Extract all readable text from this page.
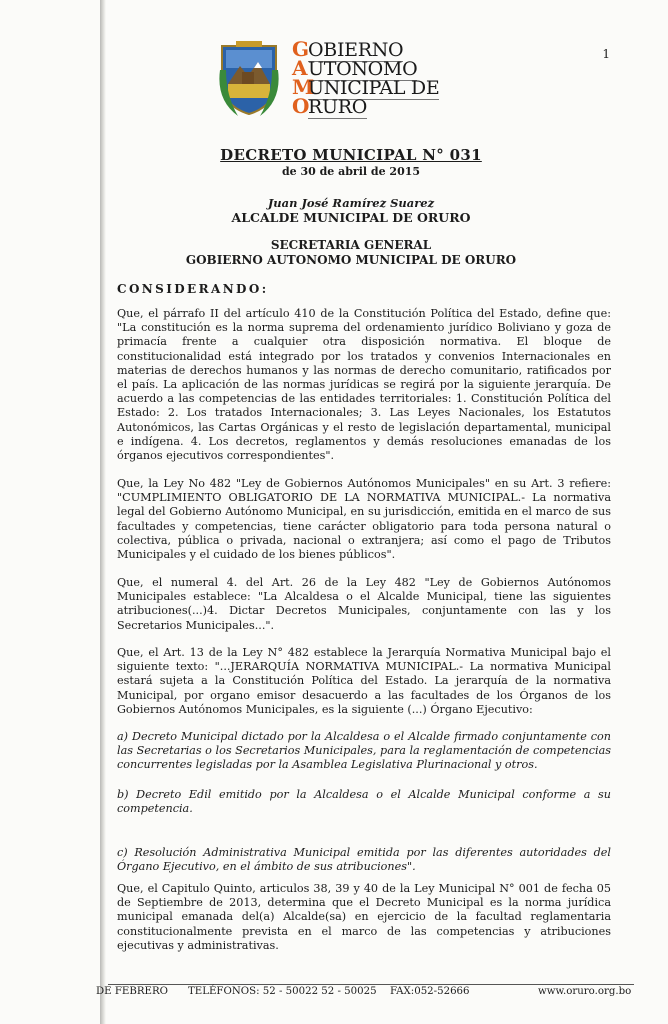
1
GOBIERNO
AUTONOMO
MUNICIPAL DE
ORURO
DECRETO MUNICIPAL N° 031
de 30 de abril de 2015
Juan José Ramírez Suarez
ALCALDE MUNICIPAL DE ORURO
SECRETARIA GENERAL
GOBIERNO AUTONOMO MUNICIPAL DE ORURO
CONSIDERANDO:
Que, el párrafo II del artículo 410 de la Constitución Política del Estado, define que: "La constitución es la norma suprema del ordenamiento jurídico Boliviano y goza de primacía frente a cualquier otra disposición normativa. El bloque de constitucionalidad está integrado por los tratados y convenios Internacionales en materias de derechos humanos y las normas de derecho comunitario, ratificados por el país. La aplicación de las normas jurídicas se regirá por la siguiente jerarquía. De acuerdo a las competencias de las entidades territoriales: 1. Constitución Política del Estado: 2. Los tratados Internacionales; 3. Las Leyes Nacionales, los Estatutos Autonómicos, las Cartas Orgánicas y el resto de legislación departamental, municipal e indígena. 4. Los decretos, reglamentos y demás resoluciones emanadas de los órganos ejecutivos correspondientes".
Que, la Ley No 482 "Ley de Gobiernos Autónomos Municipales" en su Art. 3 refiere: "CUMPLIMIENTO OBLIGATORIO DE LA NORMATIVA MUNICIPAL.- La normativa legal del Gobierno Autónomo Municipal, en su jurisdicción, emitida en el marco de sus facultades y competencias, tiene carácter obligatorio para toda persona natural o colectiva, pública o privada, nacional o extranjera; así como el pago de Tributos Municipales y el cuidado de los bienes públicos".
Que, el numeral 4. del Art. 26 de la Ley 482 "Ley de Gobiernos Autónomos Municipales establece: "La Alcaldesa o el Alcalde Municipal, tiene las siguientes atribuciones(...)4. Dictar Decretos Municipales, conjuntamente con las y los Secretarios Municipales...".
Que, el Art. 13 de la Ley N° 482 establece la Jerarquía Normativa Municipal bajo el siguiente texto: "...JERARQUÍA NORMATIVA MUNICIPAL.- La normativa Municipal estará sujeta a la Constitución Política del Estado. La jerarquía de la normativa Municipal, por organo emisor desacuerdo a las facultades de los Órganos de los Gobiernos Autónomos Municipales, es la siguiente (...) Órgano Ejecutivo:
a) Decreto Municipal dictado por la Alcaldesa o el Alcalde firmado conjuntamente con las Secretarias o los Secretarios Municipales, para la reglamentación de competencias concurrentes legisladas por la Asamblea Legislativa Plurinacional y otros.
b) Decreto Edil emitido por la Alcaldesa o el Alcalde Municipal conforme a su competencia.
c) Resolución Administrativa Municipal emitida por las diferentes autoridades del Órgano Ejecutivo, en el ámbito de sus atribuciones".
Que, el Capitulo Quinto, articulos 38, 39 y 40 de la Ley Municipal N° 001 de fecha 05 de Septiembre de 2013, determina que el Decreto Municipal es la norma jurídica municipal emanada del(a) Alcalde(sa) en ejercicio de la facultad reglamentaria constitucionalmente prevista en el marco de las competencias y atribuciones ejecutivas y administrativas.
DE FEBRERO TELÉFONOS: 52 - 50022 52 - 50025 FAX:052-52666	www.oruro.org.bo
